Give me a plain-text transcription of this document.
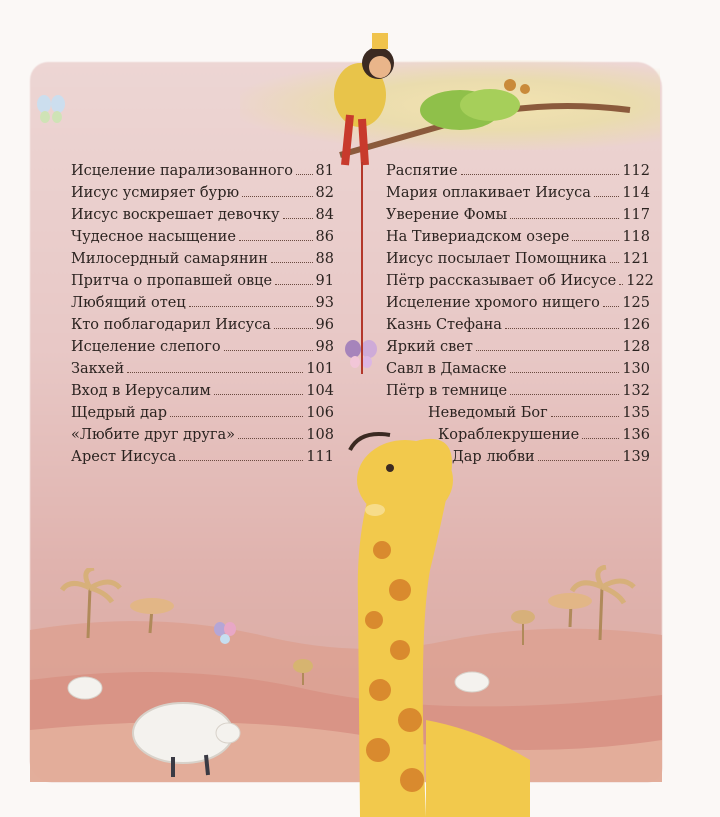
Исцеление парализованного 81
Иисус усмиряет бурю	82
Иисус воскрешает девочку 84
Чудесное насыщение	86
Милосердный самарянин	88
Притча о пропавшей овце	91
Любящий отец	93
Кто поблагодарил Иисуса	96
Исцеление слепого	98
Закхей	101
Вход в Иерусалим	104
Щедрый дар	106
«Любите друг друга»	108
Арест Иисуса	111
Распятие	112
Мария оплакивает Иисуса 114
Уверение Фомы	117
На Тивериадском озере	118
Иисус посылает Помощника 121
Пётр рассказывает об Иисусе 122
Исцеление хромого нищего 125
Казнь Стефана	126
Яркий свет	128
Савл в Дамаске	130
Пётр в темнице	132
Неведомый Бог	135
Кораблекрушение	136
Дар любви	139
